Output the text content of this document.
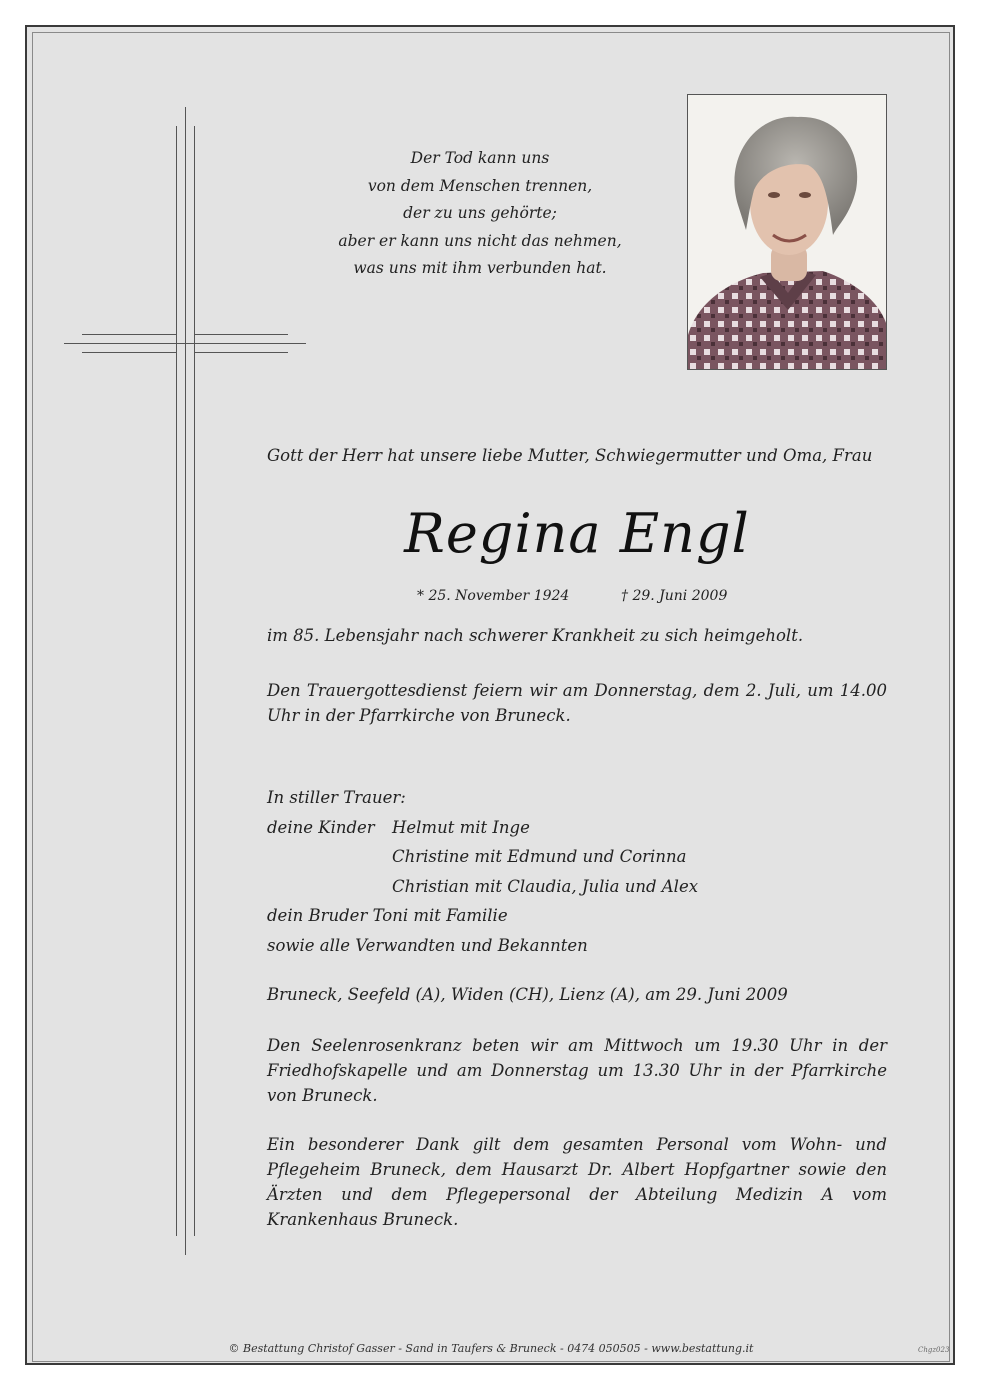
Der Tod kann uns
von dem Menschen trennen,
der zu uns gehörte;
aber er kann uns nicht das nehmen,
was uns mit ihm verbunden hat.
Gott der Herr hat unsere liebe Mutter, Schwiegermutter und Oma, Frau
Regina Engl
* 25. November 1924	† 29. Juni 2009
im 85. Lebensjahr nach schwerer Krankheit zu sich heimgeholt.
Den Trauergottesdienst feiern wir am Donnerstag, dem 2. Juli, um 14.00 Uhr in der Pfarrkirche von Bruneck.
In stiller Trauer:
deine Kinder Helmut mit Inge
Christine mit Edmund und Corinna
Christian mit Claudia, Julia und Alex
dein Bruder Toni mit Familie
sowie alle Verwandten und Bekannten
Bruneck, Seefeld (A), Widen (CH), Lienz (A), am 29. Juni 2009
Den Seelenrosenkranz beten wir am Mittwoch um 19.30 Uhr in der Friedhofskapelle und am Donnerstag um 13.30 Uhr in der Pfarrkirche von Bruneck.
Ein besonderer Dank gilt dem gesamten Personal vom Wohn- und Pflegeheim Bruneck, dem Hausarzt Dr. Albert Hopfgartner sowie den Ärzten und dem Pflegepersonal der Abteilung Medizin A vom Krankenhaus Bruneck.
© Bestattung Christof Gasser - Sand in Taufers & Bruneck - 0474 050505 - www.bestattung.it	Chgz023
